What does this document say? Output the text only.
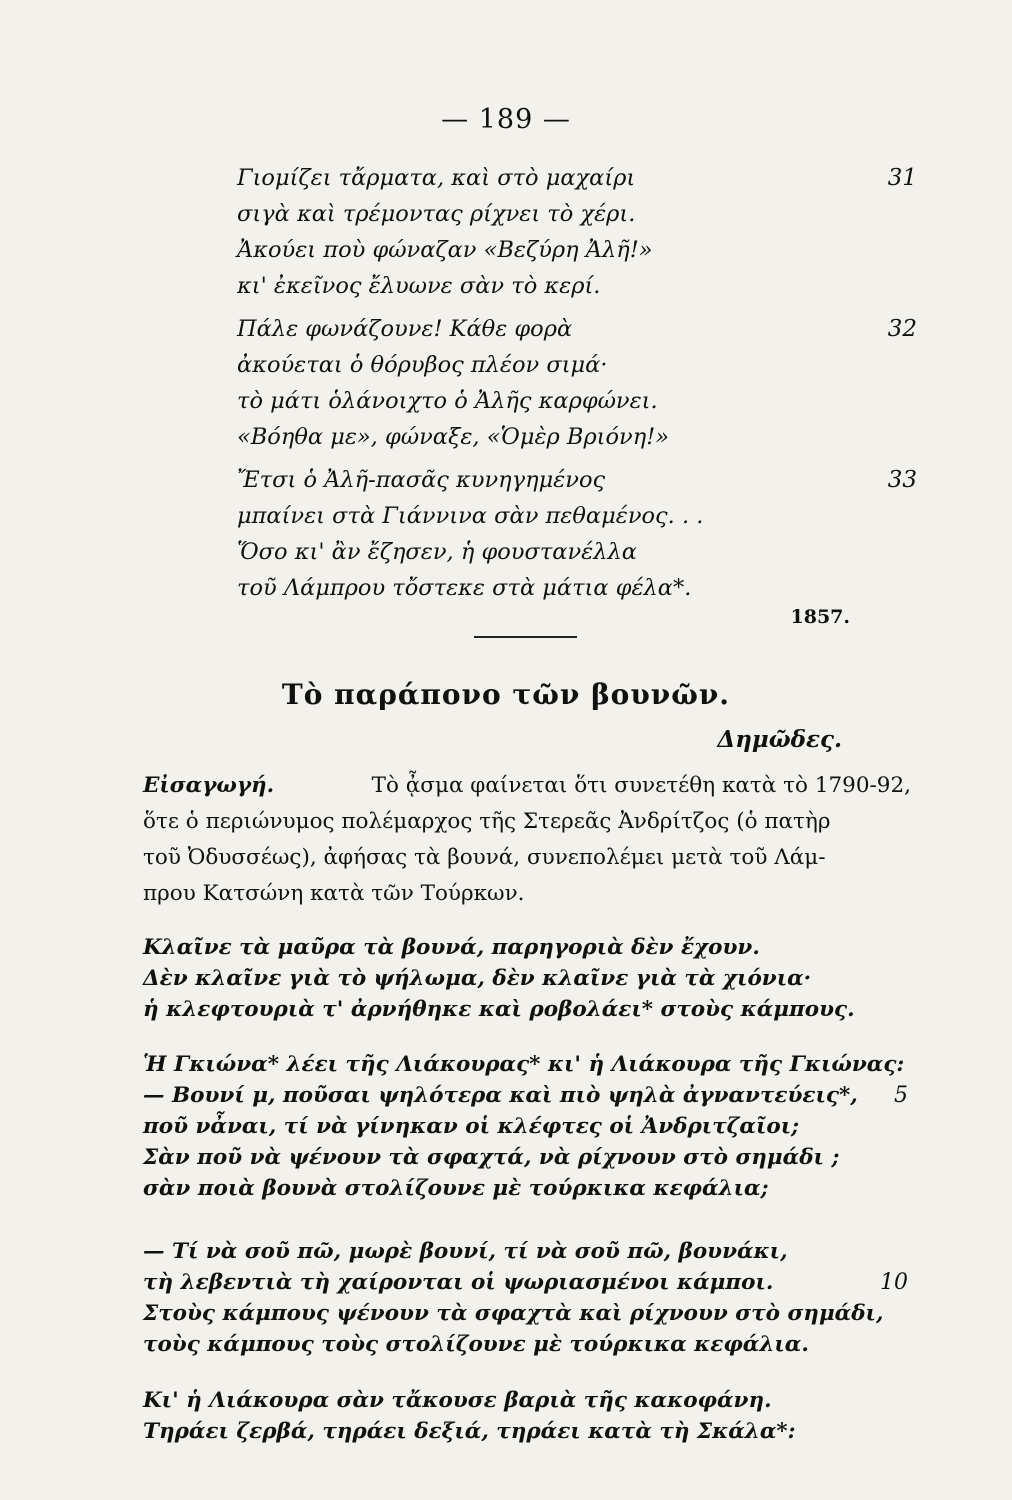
— 189 —
Γιομίζει τἄρματα, καὶ στὸ μαχαίρι	31
σιγὰ καὶ τρέμοντας ρίχνει τὸ χέρι.
Ἀκούει ποὺ φώναζαν «Βεζύρη Ἀλῆ!»
κι' ἐκεῖνος ἔλυωνε σὰν τὸ κερί.
Πάλε φωνάζουνε! Κάθε φορὰ	32
ἀκούεται ὁ θόρυβος πλέον σιμά·
τὸ μάτι ὁλάνοιχτο ὁ Ἀλῆς καρφώνει.
«Βόηθα με», φώναξε, «Ὁμὲρ Βριόνη!»
Ἔτσι ὁ Ἀλῆ-πασᾶς κυνηγημένος	33
μπαίνει στὰ Γιάννινα σὰν πεθαμένος. . .
Ὅσο κι' ἂν ἔζησεν, ἡ φουστανέλλα
τοῦ Λάμπρου τὄστεκε στὰ μάτια φέλα*.
1857.
Τὸ παράπονο τῶν βουνῶν.
Δημῶδες.
Εἰσαγωγή.	Τὸ ᾆσμα φαίνεται ὅτι συνετέθη κατὰ τὸ 1790-92,
ὅτε ὁ περιώνυμος πολέμαρχος τῆς Στερεᾶς Ἀνδρίτζος (ὁ πατὴρ
τοῦ Ὀδυσσέως), ἀφήσας τὰ βουνά, συνεπολέμει μετὰ τοῦ Λάμ-
πρου Κατσώνη κατὰ τῶν Τούρκων.
Κλαῖνε τὰ μαῦρα τὰ βουνά, παρηγοριὰ δὲν ἔχουν.
Δὲν κλαῖνε γιὰ τὸ ψήλωμα, δὲν κλαῖνε γιὰ τὰ χιόνια·
ἡ κλεφτουριὰ τ' ἀρνήθηκε καὶ ροβολάει* στοὺς κάμπους.
Ἡ Γκιώνα* λέει τῆς Λιάκουρας* κι' ἡ Λιάκουρα τῆς Γκιώνας:
— Βουνί μ, ποῦσαι ψηλότερα καὶ πιὸ ψηλὰ ἀγναντεύεις*, 5
ποῦ νἆναι, τί νὰ γίνηκαν οἱ κλέφτες οἱ Ἀνδριτζαῖοι;
Σὰν ποῦ νὰ ψένουν τὰ σφαχτά, νὰ ρίχνουν στὸ σημάδι ;
σὰν ποιὰ βουνὰ στολίζουνε μὲ τούρκικα κεφάλια;
— Τί νὰ σοῦ πῶ, μωρὲ βουνί, τί νὰ σοῦ πῶ, βουνάκι,
τὴ λεβεντιὰ τὴ χαίρονται οἱ ψωριασμένοι κάμποι.	10
Στοὺς κάμπους ψένουν τὰ σφαχτὰ καὶ ρίχνουν στὸ σημάδι,
τοὺς κάμπους τοὺς στολίζουνε μὲ τούρκικα κεφάλια.
Κι' ἡ Λιάκουρα σὰν τἄκουσε βαριὰ τῆς κακοφάνη.
Τηράει ζερβά, τηράει δεξιά, τηράει κατὰ τὴ Σκάλα*:
